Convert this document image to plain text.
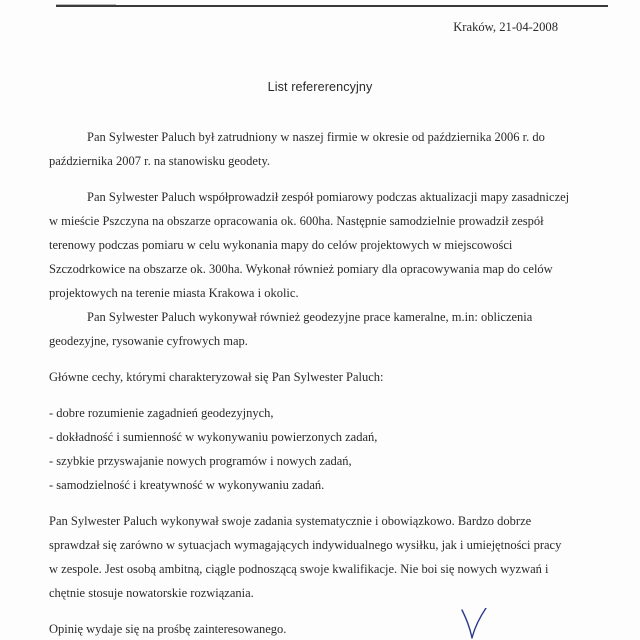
Kraków, 21-04-2008
List refererencyjny
Pan Sylwester Paluch był zatrudniony w naszej firmie w okresie od października 2006 r. do
października 2007 r. na stanowisku geodety.
Pan Sylwester Paluch współprowadził zespół pomiarowy podczas aktualizacji mapy zasadniczej
w mieście Pszczyna na obszarze opracowania ok. 600ha. Następnie samodzielnie prowadził zespół
terenowy podczas pomiaru w celu wykonania mapy do celów projektowych w miejscowości
Szczodrkowice na obszarze ok. 300ha. Wykonał również pomiary dla opracowywania map do celów
projektowych na terenie miasta Krakowa i okolic.
Pan Sylwester Paluch wykonywał również geodezyjne prace kameralne, m.in: obliczenia
geodezyjne, rysowanie cyfrowych map.
Główne cechy, którymi charakteryzował się Pan Sylwester Paluch:
- dobre rozumienie zagadnień geodezyjnych,
- dokładność i sumienność w wykonywaniu powierzonych zadań,
- szybkie przyswajanie nowych programów i nowych zadań,
- samodzielność i kreatywność w wykonywaniu zadań.
Pan Sylwester Paluch wykonywał swoje zadania systematycznie i obowiązkowo. Bardzo dobrze
sprawdzał się zarówno w sytuacjach wymagających indywidualnego wysiłku, jak i umiejętności pracy
w zespole. Jest osobą ambitną, ciągle podnoszącą swoje kwalifikacje. Nie boi się nowych wyzwań i
chętnie stosuje nowatorskie rozwiązania.
Opinię wydaje się na prośbę zainteresowanego.
